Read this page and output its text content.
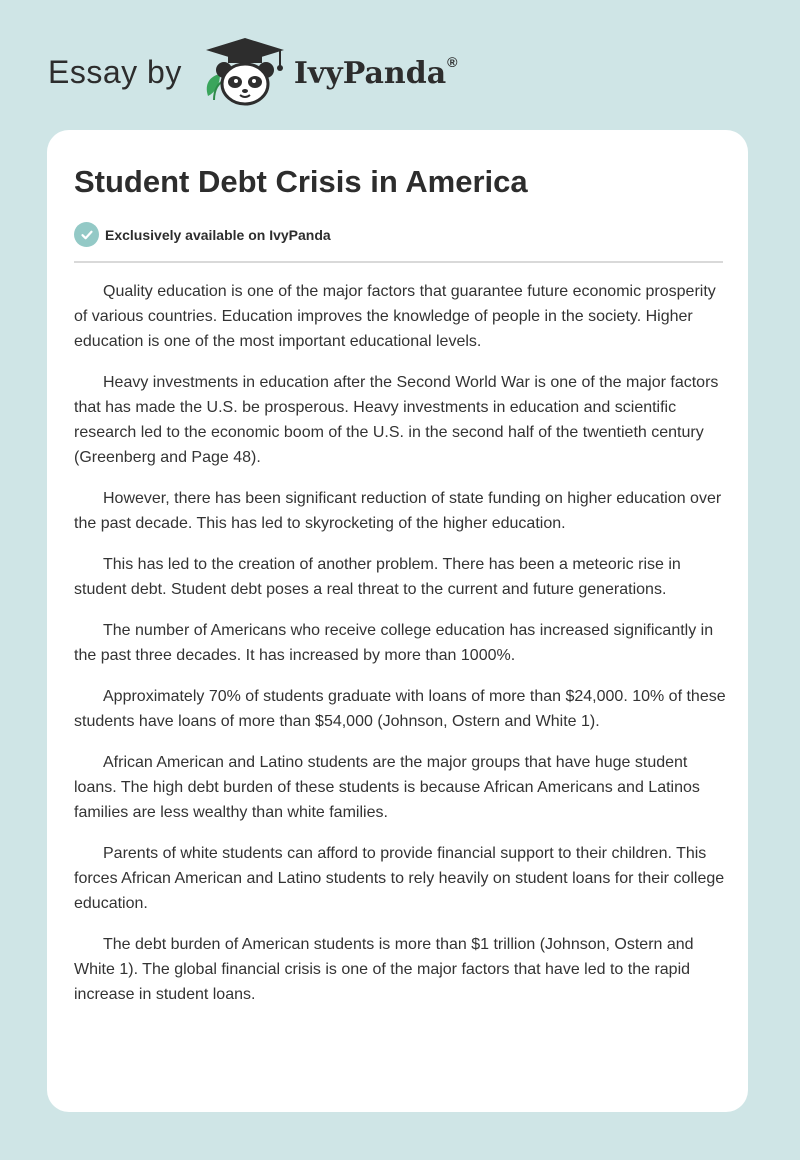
Essay by	IvyPanda®
Student Debt Crisis in America
Exclusively available on IvyPanda

Quality education is one of the major factors that guarantee future economic prosperity of various countries. Education improves the knowledge of people in the society. Higher education is one of the most important educational levels.

Heavy investments in education after the Second World War is one of the major factors that has made the U.S. be prosperous. Heavy investments in education and scientific research led to the economic boom of the U.S. in the second half of the twentieth century (Greenberg and Page 48).

However, there has been significant reduction of state funding on higher education over the past decade. This has led to skyrocketing of the higher education.

This has led to the creation of another problem. There has been a meteoric rise in student debt. Student debt poses a real threat to the current and future generations.

The number of Americans who receive college education has increased significantly in the past three decades. It has increased by more than 1000%.

Approximately 70% of students graduate with loans of more than $24,000. 10% of these students have loans of more than $54,000 (Johnson, Ostern and White 1).

African American and Latino students are the major groups that have huge student loans. The high debt burden of these students is because African Americans and Latinos families are less wealthy than white families.

Parents of white students can afford to provide financial support to their children. This forces African American and Latino students to rely heavily on student loans for their college education.

The debt burden of American students is more than $1 trillion (Johnson, Ostern and White 1). The global financial crisis is one of the major factors that have led to the rapid increase in student loans.
